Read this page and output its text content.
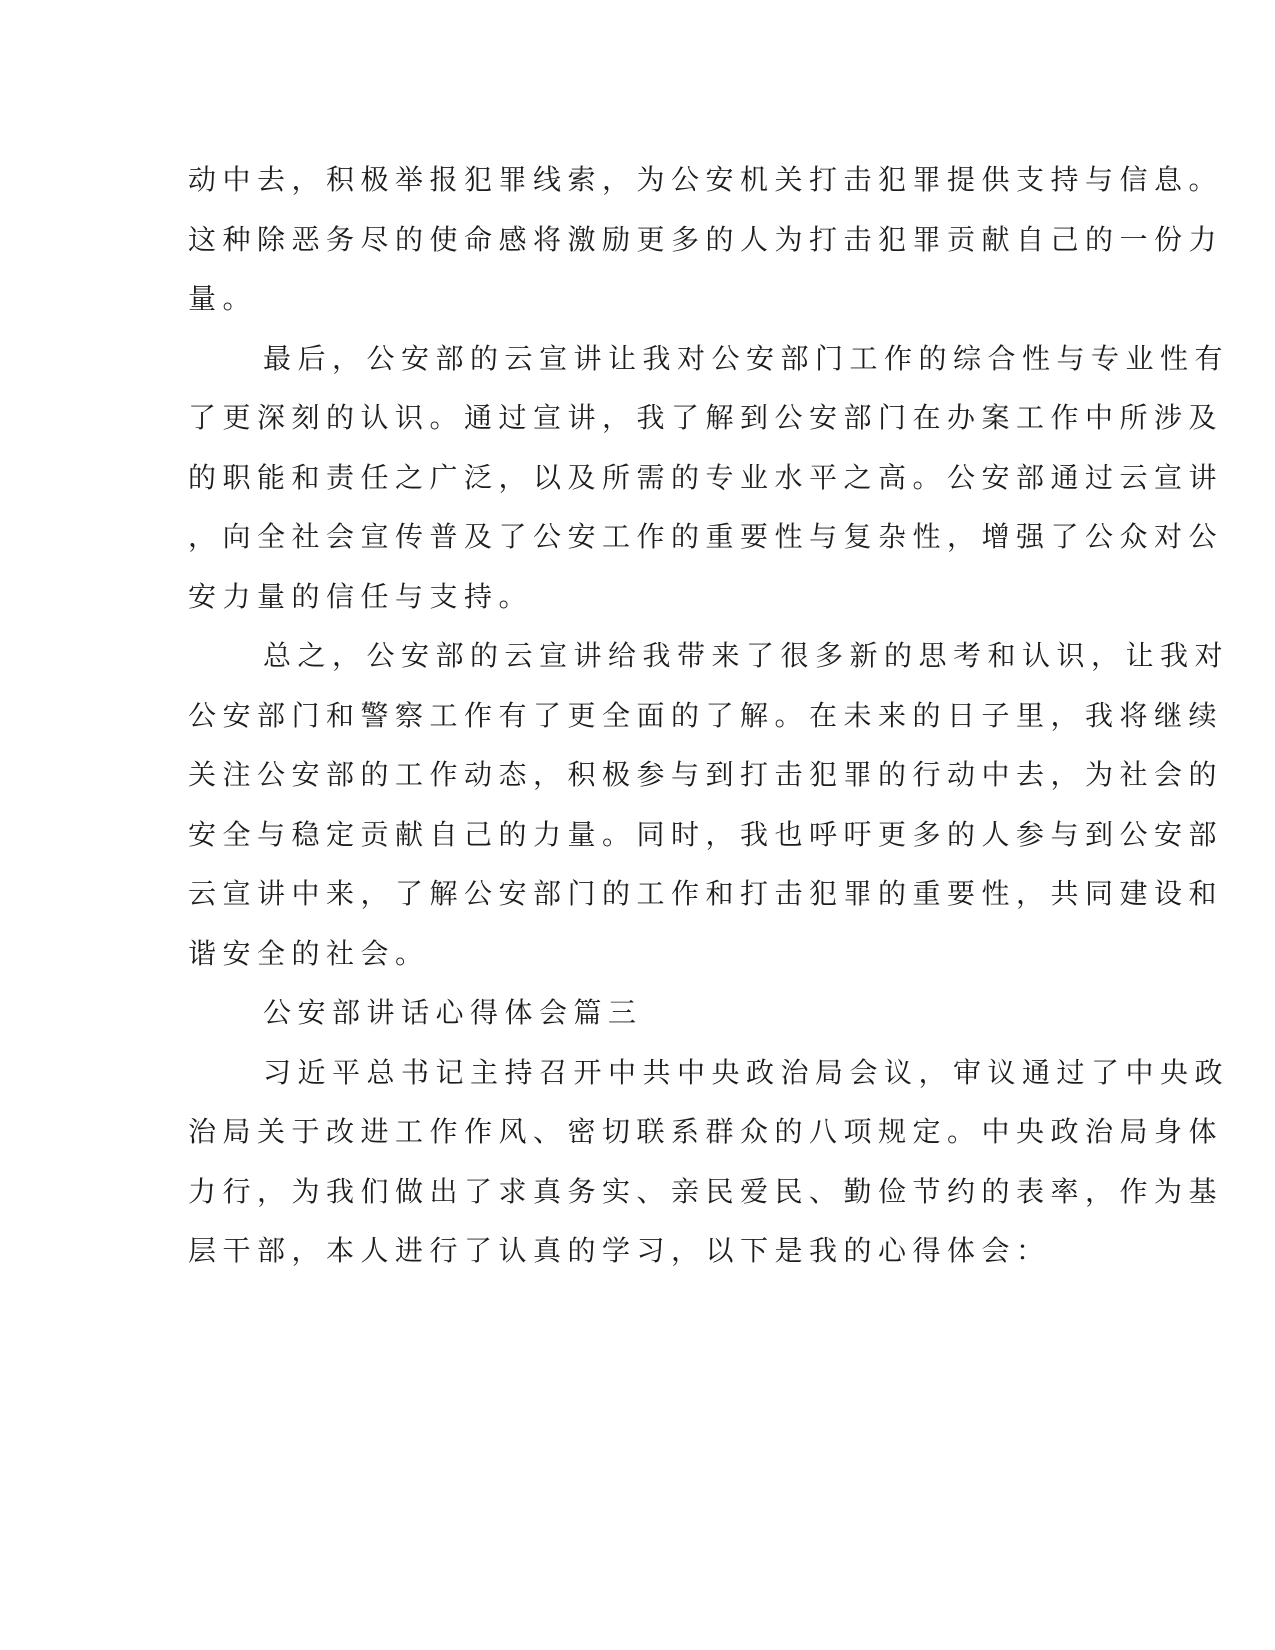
动中去，积极举报犯罪线索，为公安机关打击犯罪提供支持与信息。
这种除恶务尽的使命感将激励更多的人为打击犯罪贡献自己的一份力
量。
最后，公安部的云宣讲让我对公安部门工作的综合性与专业性有
了更深刻的认识。通过宣讲，我了解到公安部门在办案工作中所涉及
的职能和责任之广泛，以及所需的专业水平之高。公安部通过云宣讲
，向全社会宣传普及了公安工作的重要性与复杂性，增强了公众对公
安力量的信任与支持。
总之，公安部的云宣讲给我带来了很多新的思考和认识，让我对
公安部门和警察工作有了更全面的了解。在未来的日子里，我将继续
关注公安部的工作动态，积极参与到打击犯罪的行动中去，为社会的
安全与稳定贡献自己的力量。同时，我也呼吁更多的人参与到公安部
云宣讲中来，了解公安部门的工作和打击犯罪的重要性，共同建设和
谐安全的社会。
公安部讲话心得体会篇三
习近平总书记主持召开中共中央政治局会议，审议通过了中央政
治局关于改进工作作风、密切联系群众的八项规定。中央政治局身体
力行，为我们做出了求真务实、亲民爱民、勤俭节约的表率，作为基
层干部，本人进行了认真的学习，以下是我的心得体会：
